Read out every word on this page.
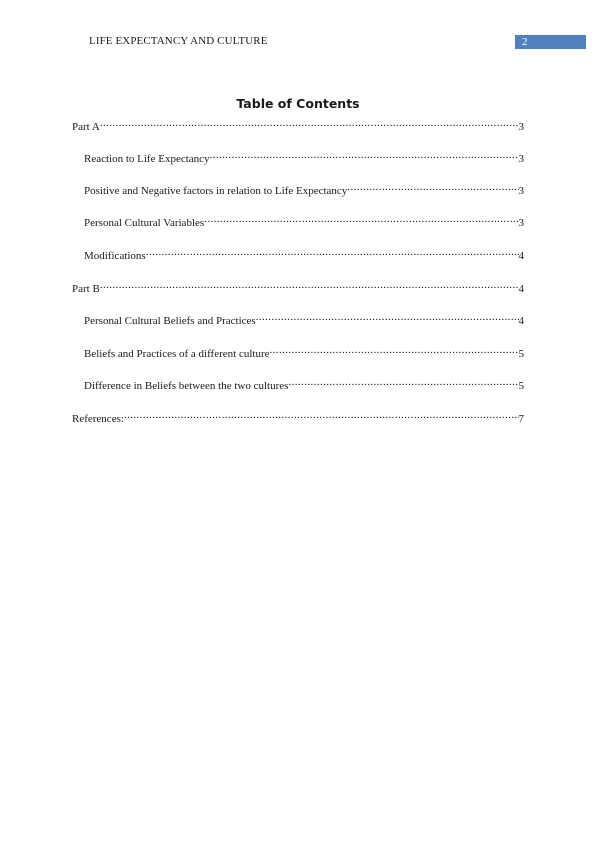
LIFE EXPECTANCY AND CULTURE	2
Table of Contents
Part A .....	3
Reaction to Life Expectancy .....	3
Positive and Negative factors in relation to Life Expectancy .....	3
Personal Cultural Variables .....	3
Modifications .....	4
Part B .....	4
Personal Cultural Beliefs and Practices .....	4
Beliefs and Practices of a different culture .....	5
Difference in Beliefs between the two cultures .....	5
References: .....	7
